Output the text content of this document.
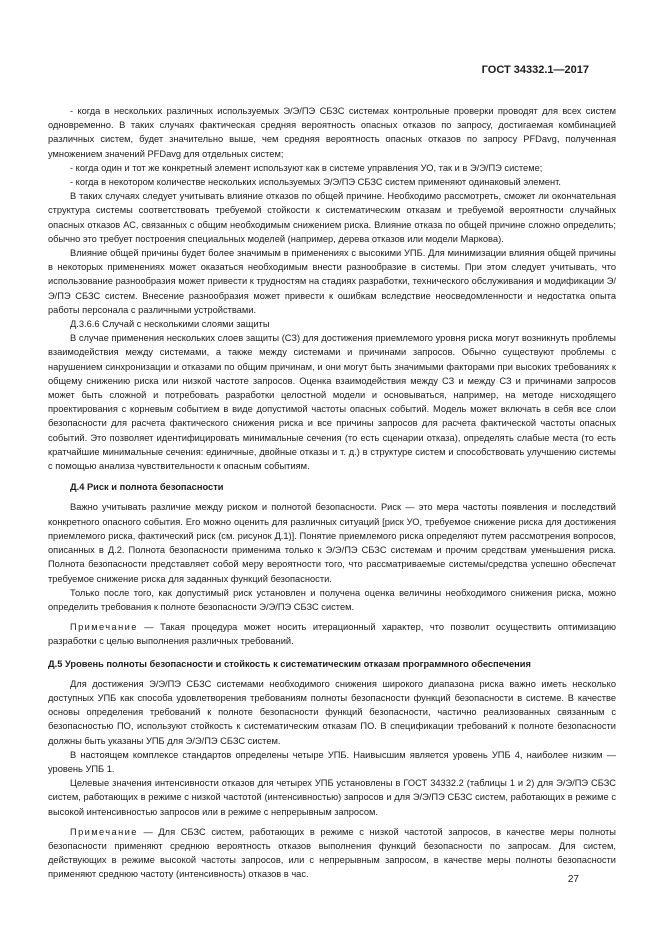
ГОСТ 34332.1—2017

- когда в нескольких различных используемых Э/Э/ПЭ СБЗС системах контрольные проверки проводят для всех систем одновременно. В таких случаях фактическая средняя вероятность опасных отказов по запросу, достигаемая комбинацией различных систем, будет значительно выше, чем средняя вероятность опасных отказов по запросу PFDavg, полученная умножением значений PFDavg для отдельных систем;

- когда один и тот же конкретный элемент используют как в системе управления УО, так и в Э/Э/ПЭ системе;

- когда в некотором количестве нескольких используемых Э/Э/ПЭ СБЗС систем применяют одинаковый элемент.

В таких случаях следует учитывать влияние отказов по общей причине. Необходимо рассмотреть, сможет ли окончательная структура системы соответствовать требуемой стойкости к систематическим отказам и требуемой вероятности случайных опасных отказов АС, связанных с общим необходимым снижением риска. Влияние отказа по общей причине сложно определить; обычно это требует построения специальных моделей (например, дерева отказов или модели Маркова).

Влияние общей причины будет более значимым в применениях с высокими УПБ. Для минимизации влияния общей причины в некоторых применениях может оказаться необходимым внести разнообразие в системы. При этом следует учитывать, что использование разнообразия может привести к трудностям на стадиях разработки, технического обслуживания и модификации Э/Э/ПЭ СБЗС систем. Внесение разнообразия может привести к ошибкам вследствие неосведомленности и недостатка опыта работы персонала с различными устройствами.

Д.3.6.6 Случай с несколькими слоями защиты

В случае применения нескольких слоев защиты (СЗ) для достижения приемлемого уровня риска могут возникнуть проблемы взаимодействия между системами, а также между системами и причинами запросов. Обычно существуют проблемы с нарушением синхронизации и отказами по общим причинам, и они могут быть значимыми факторами при высоких требованиях к общему снижению риска или низкой частоте запросов. Оценка взаимодействия между СЗ и между СЗ и причинами запросов может быть сложной и потребовать разработки целостной модели и основываться, например, на методе нисходящего проектирования с корневым событием в виде допустимой частоты опасных событий. Модель может включать в себя все слои безопасности для расчета фактического снижения риска и все причины запросов для расчета фактической частоты опасных событий. Это позволяет идентифицировать минимальные сечения (то есть сценарии отказа), определять слабые места (то есть кратчайшие минимальные сечения: единичные, двойные отказы и т. д.) в структуре систем и способствовать улучшению системы с помощью анализа чувствительности к опасным событиям.

Д.4 Риск и полнота безопасности

Важно учитывать различие между риском и полнотой безопасности. Риск — это мера частоты появления и последствий конкретного опасного события. Его можно оценить для различных ситуаций [риск УО, требуемое снижение риска для достижения приемлемого риска, фактический риск (см. рисунок Д.1)]. Понятие приемлемого риска определяют путем рассмотрения вопросов, описанных в Д.2. Полнота безопасности применима только к Э/Э/ПЭ СБЗС системам и прочим средствам уменьшения риска. Полнота безопасности представляет собой меру вероятности того, что рассматриваемые системы/средства успешно обеспечат требуемое снижение риска для заданных функций безопасности.

Только после того, как допустимый риск установлен и получена оценка величины необходимого снижения риска, можно определить требования к полноте безопасности Э/Э/ПЭ СБЗС систем.

Примечание — Такая процедура может носить итерационный характер, что позволит осуществить оптимизацию разработки с целью выполнения различных требований.

Д.5 Уровень полноты безопасности и стойкость к систематическим отказам программного обеспечения

Для достижения Э/Э/ПЭ СБЗС системами необходимого снижения широкого диапазона риска важно иметь несколько доступных УПБ как способа удовлетворения требованиям полноты безопасности функций безопасности в системе. В качестве основы определения требований к полноте безопасности функций безопасности, частично реализованных связанным с безопасностью ПО, используют стойкость к систематическим отказам ПО. В спецификации требований к полноте безопасности должны быть указаны УПБ для Э/Э/ПЭ СБЗС систем.

В настоящем комплексе стандартов определены четыре УПБ. Наивысшим является уровень УПБ 4, наиболее низким — уровень УПБ 1.

Целевые значения интенсивности отказов для четырех УПБ установлены в ГОСТ 34332.2 (таблицы 1 и 2) для Э/Э/ПЭ СБЗС систем, работающих в режиме с низкой частотой (интенсивностью) запросов и для Э/Э/ПЭ СБЗС систем, работающих в режиме с высокой интенсивностью запросов или в режиме с непрерывным запросом.

Примечание — Для СБЗС систем, работающих в режиме с низкой частотой запросов, в качестве меры полноты безопасности применяют среднюю вероятность отказов выполнения функций безопасности по запросам. Для систем, действующих в режиме высокой частоты запросов, или с непрерывным запросом, в качестве меры полноты безопасности применяют среднюю частоту (интенсивность) отказов в час.	27
